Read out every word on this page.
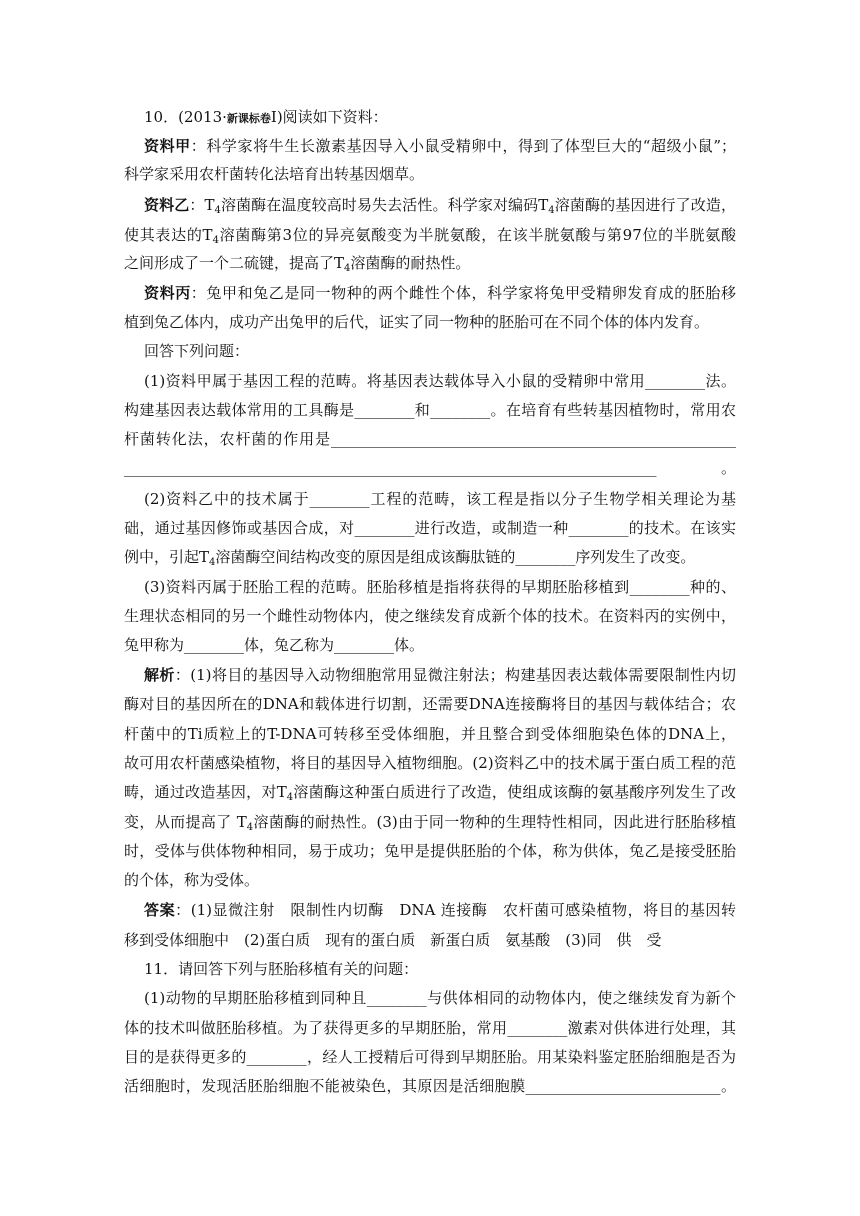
10．(2013·新课标卷Ⅰ)阅读如下资料：
资料甲：科学家将牛生长激素基因导入小鼠受精卵中，得到了体型巨大的“超级小鼠”；
科学家采用农杆菌转化法培育出转基因烟草。
资料乙：$T_4$溶菌酶在温度较高时易失去活性。科学家对编码$T_4$溶菌酶的基因进行了改造，
使其表达的$T_4$溶菌酶第3位的异亮氨酸变为半胱氨酸，在该半胱氨酸与第97位的半胱氨酸
之间形成了一个二硫键，提高了$T_4$溶菌酶的耐热性。
资料丙：兔甲和兔乙是同一物种的两个雌性个体，科学家将兔甲受精卵发育成的胚胎移
植到兔乙体内，成功产出兔甲的后代，证实了同一物种的胚胎可在不同个体的体内发育。
回答下列问题：
(1)资料甲属于基因工程的范畴。将基因表达载体导入小鼠的受精卵中常用________法。
构建基因表达载体常用的工具酶是________和________。在培育有些转基因植物时，常用农
杆菌转化法，农杆菌的作用是______________________________________________________
_______________________________________________________________________。
(2)资料乙中的技术属于________工程的范畴，该工程是指以分子生物学相关理论为基
础，通过基因修饰或基因合成，对________进行改造，或制造一种________的技术。在该实
例中，引起$T_4$溶菌酶空间结构改变的原因是组成该酶肽链的________序列发生了改变。
(3)资料丙属于胚胎工程的范畴。胚胎移植是指将获得的早期胚胎移植到________种的、
生理状态相同的另一个雌性动物体内，使之继续发育成新个体的技术。在资料丙的实例中，
兔甲称为________体，兔乙称为________体。
解析：(1)将目的基因导入动物细胞常用显微注射法；构建基因表达载体需要限制性内切
酶对目的基因所在的DNA和载体进行切割，还需要DNA连接酶将目的基因与载体结合；农
杆菌中的Ti质粒上的T-DNA可转移至受体细胞，并且整合到受体细胞染色体的DNA上，
故可用农杆菌感染植物，将目的基因导入植物细胞。(2)资料乙中的技术属于蛋白质工程的范
畴，通过改造基因，对$T_4$溶菌酶这种蛋白质进行了改造，使组成该酶的氨基酸序列发生了改
变，从而提高了 $T_4$溶菌酶的耐热性。(3)由于同一物种的生理特性相同，因此进行胚胎移植
时，受体与供体物种相同，易于成功；兔甲是提供胚胎的个体，称为供体，兔乙是接受胚胎
的个体，称为受体。
答案：(1)显微注射　限制性内切酶　DNA 连接酶　农杆菌可感染植物，将目的基因转
移到受体细胞中　(2)蛋白质　现有的蛋白质　新蛋白质　氨基酸　(3)同　供　受
11．请回答下列与胚胎移植有关的问题：
(1)动物的早期胚胎移植到同种且________与供体相同的动物体内，使之继续发育为新个
体的技术叫做胚胎移植。为了获得更多的早期胚胎，常用________激素对供体进行处理，其
目的是获得更多的________，经人工授精后可得到早期胚胎。用某染料鉴定胚胎细胞是否为
活细胞时，发现活胚胎细胞不能被染色，其原因是活细胞膜__________________________。
